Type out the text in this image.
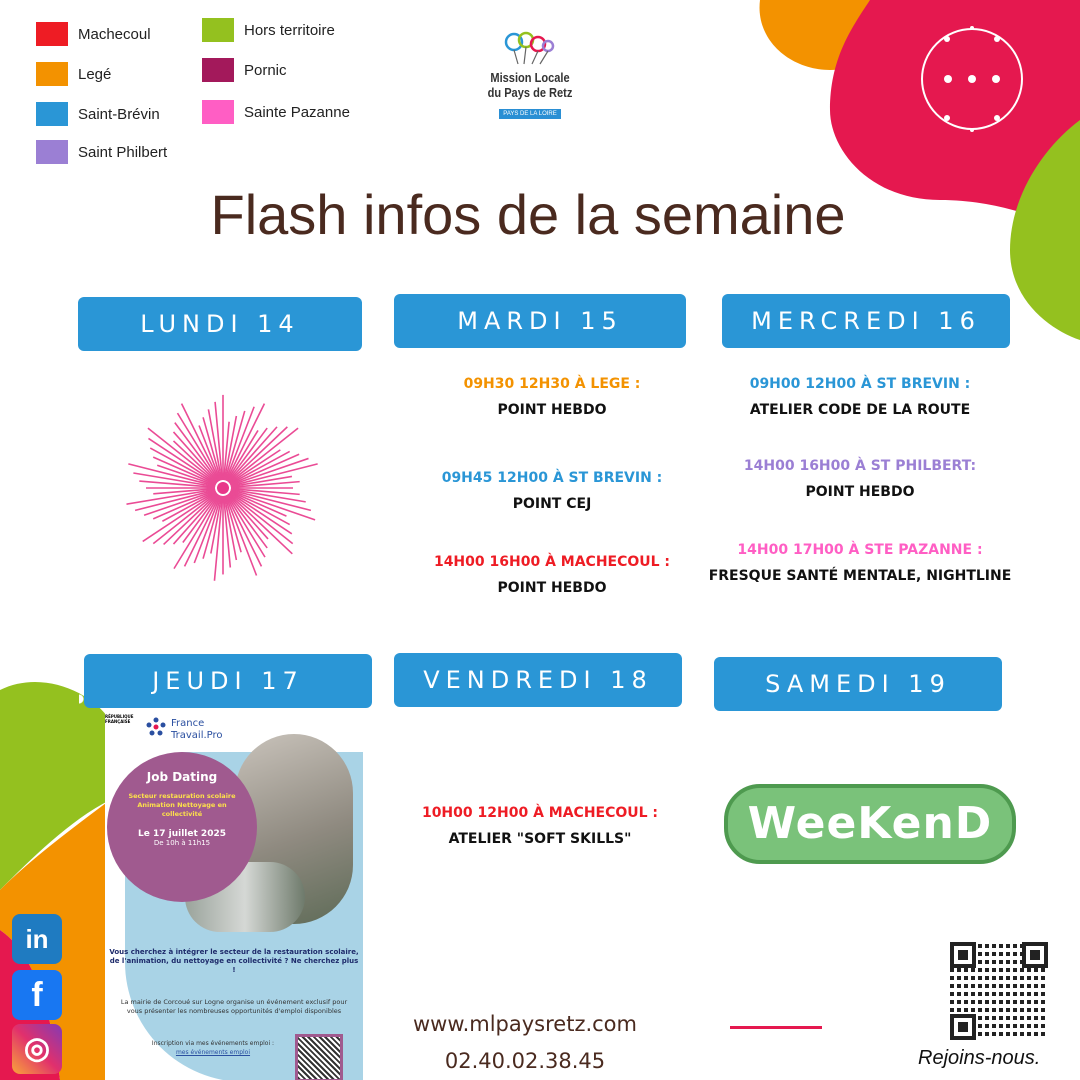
Machecoul
Legé
Saint-Brévin
Saint Philbert
Hors territoire
Pornic
Sainte Pazanne
Mission Locale
du Pays de Retz
PAYS DE LA LOIRE
Flash infos de la semaine
LUNDI 14	MARDI 15	MERCREDI 16
JEUDI 17	VENDREDI 18	SAMEDI 19
09H30 12H30 À LEGE :
POINT HEBDO
09H45 12H00 À ST BREVIN :
POINT CEJ
14H00 16H00 À MACHECOUL :
POINT HEBDO
09H00 12H00 À ST BREVIN :
ATELIER CODE DE LA ROUTE
14H00 16H00 À ST PHILBERT:
POINT HEBDO
14H00 17H00 À STE PAZANNE :
FRESQUE SANTÉ MENTALE, NIGHTLINE
10H00 12H00 À MACHECOUL :
ATELIER "SOFT SKILLS"
RÉPUBLIQUE FRANÇAISE	France
Travail.Pro
Job Dating
Secteur restauration scolaire Animation Nettoyage en collectivité
Le 17 juillet 2025
De 10h à 11h15
Vous cherchez à intégrer le secteur de la restauration scolaire, de l'animation, du nettoyage en collectivité ? Ne cherchez plus !
La mairie de Corcoué sur Logne organise un événement exclusif pour vous présenter les nombreuses opportunités d'emploi disponibles
Inscription via mes événements emploi :
mes événements emploi
WeeKenD
in
f
◎
www.mlpaysretz.com
02.40.02.38.45	Rejoins-nous.
